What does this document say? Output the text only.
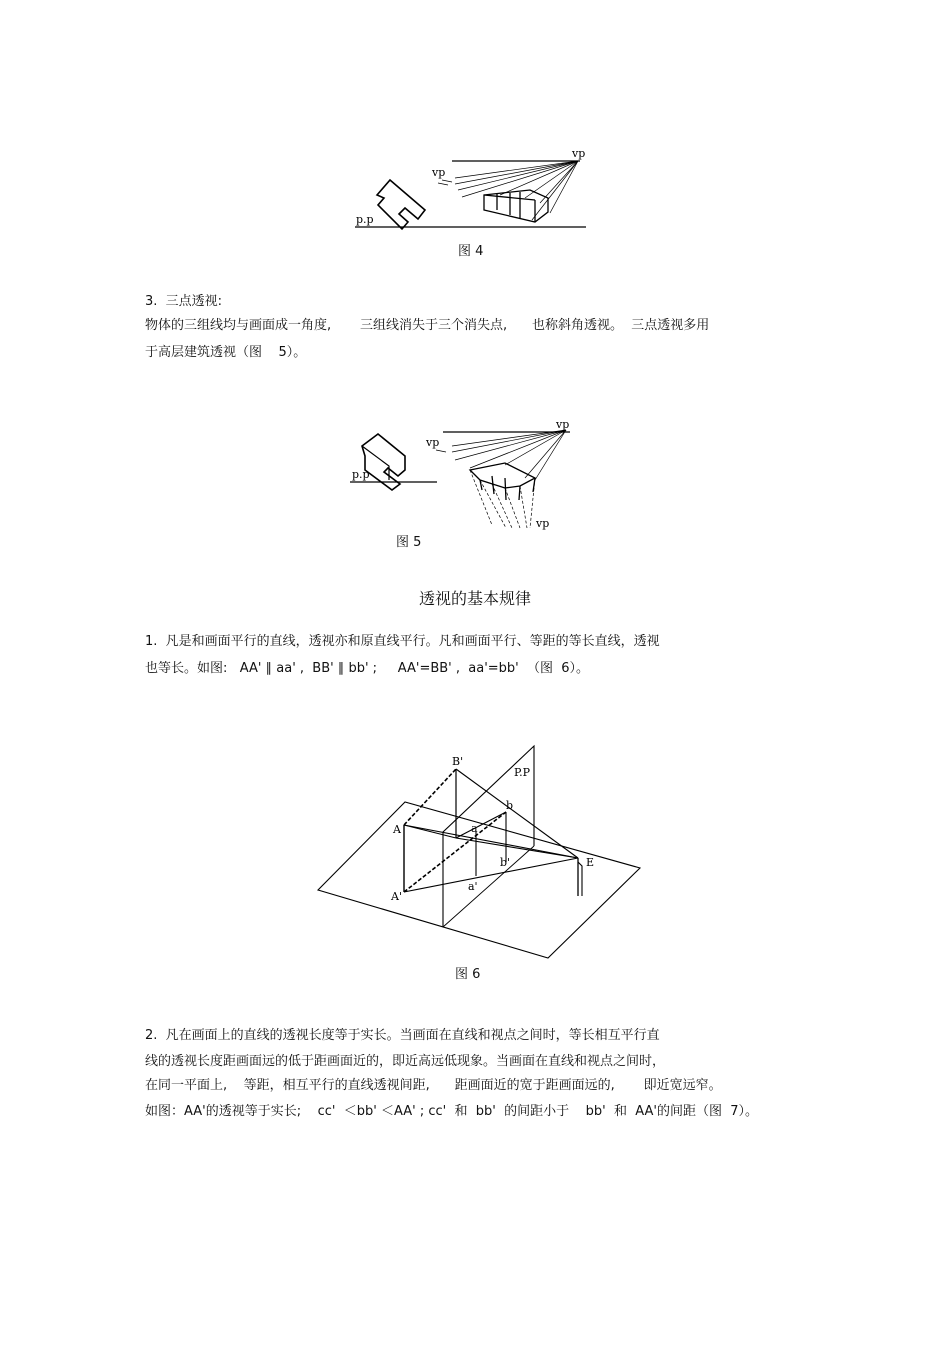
vp
vp
p.p
vp
vp
p.p
vp
B'
P.P
b
A	a
E
b'
A'
a'
图 4
3.  三点透视:
物体的三组线均与画面成一角度,       三组线消失于三个消失点,      也称斜角透视。  三点透视多用
于高层建筑透视（图    5）。
图 5
透视的基本规律
1.  凡是和画面平行的直线，透视亦和原直线平行。凡和画面平行、等距的等长直线，透视
也等长。如图:   AA' ∥ aa' ,  BB' ∥ bb' ;     AA'=BB' ,  aa'=bb'  （图  6）。
图 6
2.  凡在画面上的直线的透视长度等于实长。当画面在直线和视点之间时，等长相互平行直
线的透视长度距画面远的低于距画面近的，即近高远低现象。当画面在直线和视点之间时，
在同一平面上,    等距，相互平行的直线透视间距,      距画面近的宽于距画面远的,       即近宽远窄。
如图：AA'的透视等于实长;    cc'  ＜bb' ＜AA' ; cc'  和  bb'  的间距小于    bb'  和  AA'的间距（图  7）。
